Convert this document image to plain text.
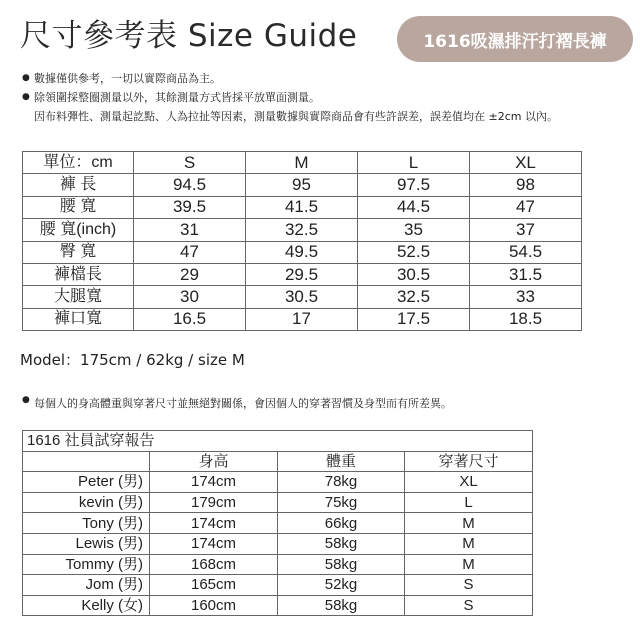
尺寸參考表 Size Guide	1616吸濕排汗打褶長褲
● 數據僅供參考，一切以實際商品為主。
● 除領圍採整圈測量以外，其餘測量方式皆採平放單面測量。
因布料彈性、測量起訖點、人為拉扯等因素，測量數據與實際商品會有些許誤差，誤差值均在 ±2cm 以內。
單位：cm	S	M	L	XL
褲 長	94.5	95	97.5	98
腰 寬	39.5	41.5	44.5	47
腰 寬(inch)	31	32.5	35	37
臀 寬	47	49.5	52.5	54.5
褲檔長	29	29.5	30.5	31.5
大腿寬	30	30.5	32.5	33
褲口寬	16.5	17	17.5	18.5
Model：175cm / 62kg / size M
● 每個人的身高體重與穿著尺寸並無絕對關係，會因個人的穿著習慣及身型而有所差異。
1616 社員試穿報告			
	身高	體重	穿著尺寸
Peter (男)	174cm	78kg	XL
kevin (男)	179cm	75kg	L
Tony (男)	174cm	66kg	M
Lewis (男)	174cm	58kg	M
Tommy (男)	168cm	58kg	M
Jom (男)	165cm	52kg	S
Kelly (女)	160cm	58kg	S
